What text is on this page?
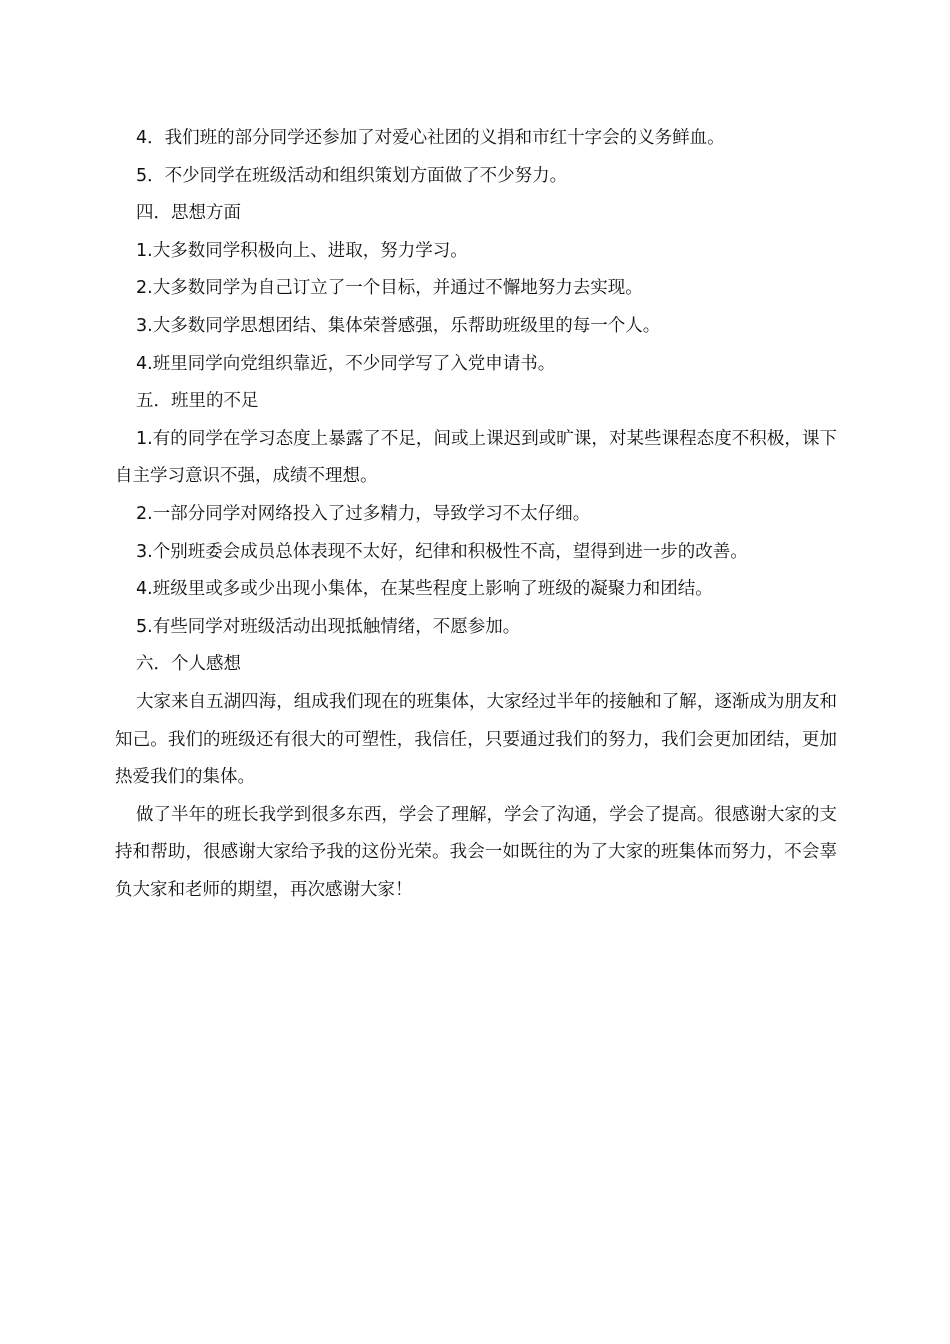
4．我们班的部分同学还参加了对爱心社团的义捐和市红十字会的义务鲜血。

5．不少同学在班级活动和组织策划方面做了不少努力。

四．思想方面

1.大多数同学积极向上、进取，努力学习。

2.大多数同学为自己订立了一个目标，并通过不懈地努力去实现。

3.大多数同学思想团结、集体荣誉感强，乐帮助班级里的每一个人。

4.班里同学向党组织靠近，不少同学写了入党申请书。

五．班里的不足

1.有的同学在学习态度上暴露了不足，间或上课迟到或旷课，对某些课程态度不积极，课下自主学习意识不强，成绩不理想。

2.一部分同学对网络投入了过多精力，导致学习不太仔细。

3.个别班委会成员总体表现不太好，纪律和积极性不高，望得到进一步的改善。

4.班级里或多或少出现小集体，在某些程度上影响了班级的凝聚力和团结。

5.有些同学对班级活动出现抵触情绪，不愿参加。

六．个人感想

大家来自五湖四海，组成我们现在的班集体，大家经过半年的接触和了解，逐渐成为朋友和知己。我们的班级还有很大的可塑性，我信任，只要通过我们的努力，我们会更加团结，更加热爱我们的集体。

做了半年的班长我学到很多东西，学会了理解，学会了沟通，学会了提高。很感谢大家的支持和帮助，很感谢大家给予我的这份光荣。我会一如既往的为了大家的班集体而努力，不会辜负大家和老师的期望，再次感谢大家！
